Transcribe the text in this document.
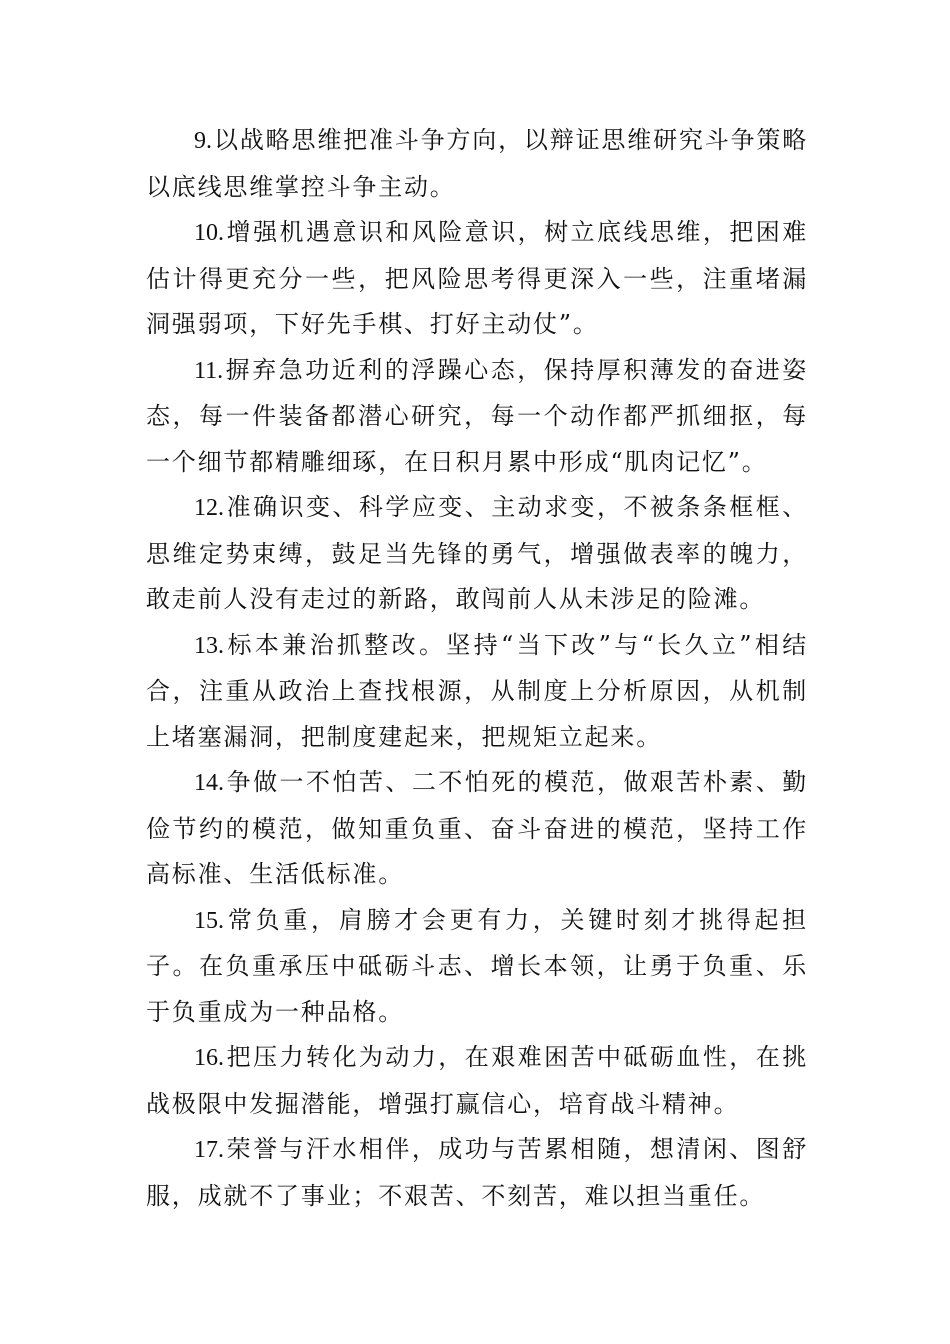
9.以战略思维把准斗争方向，以辩证思维研究斗争策略以底线思维掌控斗争主动。

10.增强机遇意识和风险意识，树立底线思维，把困难估计得更充分一些，把风险思考得更深入一些，注重堵漏洞强弱项，下好先手棋、打好主动仗”。

11.摒弃急功近利的浮躁心态，保持厚积薄发的奋进姿态，每一件装备都潜心研究，每一个动作都严抓细抠，每一个细节都精雕细琢，在日积月累中形成“肌肉记忆”。

12.准确识变、科学应变、主动求变，不被条条框框、思维定势束缚，鼓足当先锋的勇气，增强做表率的魄力，敢走前人没有走过的新路，敢闯前人从未涉足的险滩。

13.标本兼治抓整改。坚持“当下改”与“长久立”相结合，注重从政治上查找根源，从制度上分析原因，从机制上堵塞漏洞，把制度建起来，把规矩立起来。

14.争做一不怕苦、二不怕死的模范，做艰苦朴素、勤俭节约的模范，做知重负重、奋斗奋进的模范，坚持工作高标准、生活低标准。

15.常负重，肩膀才会更有力，关键时刻才挑得起担子。在负重承压中砥砺斗志、增长本领，让勇于负重、乐于负重成为一种品格。

16.把压力转化为动力，在艰难困苦中砥砺血性，在挑战极限中发掘潜能，增强打赢信心，培育战斗精神。

17.荣誉与汗水相伴，成功与苦累相随，想清闲、图舒服，成就不了事业；不艰苦、不刻苦，难以担当重任。
